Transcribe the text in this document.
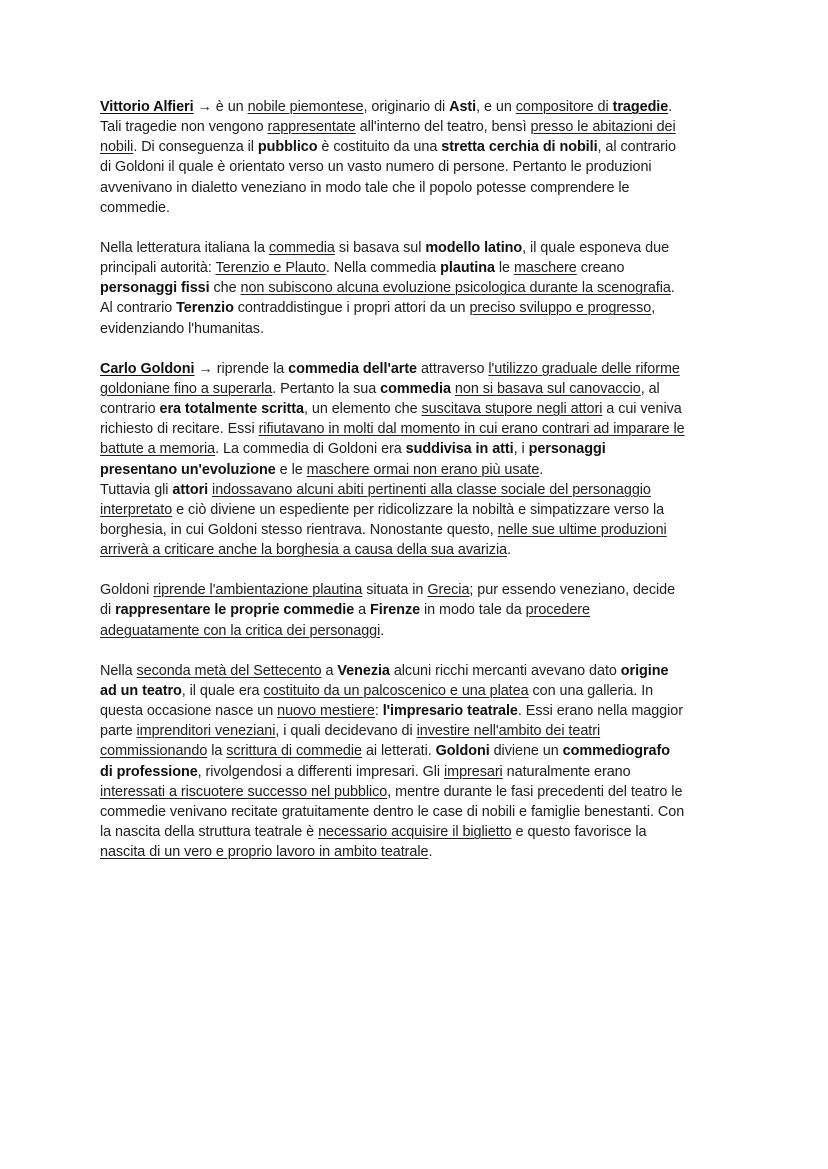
Vittorio Alfieri → è un nobile piemontese, originario di Asti, e un compositore di tragedie.
Tali tragedie non vengono rappresentate all'interno del teatro, bensì presso le abitazioni dei
nobili. Di conseguenza il pubblico è costituito da una stretta cerchia di nobili, al contrario
di Goldoni il quale è orientato verso un vasto numero di persone. Pertanto le produzioni
avvenivano in dialetto veneziano in modo tale che il popolo potesse comprendere le
commedie.

Nella letteratura italiana la commedia si basava sul modello latino, il quale esponeva due
principali autorità: Terenzio e Plauto. Nella commedia plautina le maschere creano
personaggi fissi che non subiscono alcuna evoluzione psicologica durante la scenografia.
Al contrario Terenzio contraddistingue i propri attori da un preciso sviluppo e progresso,
evidenziando l'humanitas.

Carlo Goldoni → riprende la commedia dell'arte attraverso l'utilizzo graduale delle riforme
goldoniane fino a superarla. Pertanto la sua commedia non si basava sul canovaccio, al
contrario era totalmente scritta, un elemento che suscitava stupore negli attori a cui veniva
richiesto di recitare. Essi rifiutavano in molti dal momento in cui erano contrari ad imparare le
battute a memoria. La commedia di Goldoni era suddivisa in atti, i personaggi
presentano un'evoluzione e le maschere ormai non erano più usate.
Tuttavia gli attori indossavano alcuni abiti pertinenti alla classe sociale del personaggio
interpretato e ciò diviene un espediente per ridicolizzare la nobiltà e simpatizzare verso la
borghesia, in cui Goldoni stesso rientrava. Nonostante questo, nelle sue ultime produzioni
arriverà a criticare anche la borghesia a causa della sua avarizia.

Goldoni riprende l'ambientazione plautina situata in Grecia; pur essendo veneziano, decide
di rappresentare le proprie commedie a Firenze in modo tale da procedere
adeguatamente con la critica dei personaggi.

Nella seconda metà del Settecento a Venezia alcuni ricchi mercanti avevano dato origine
ad un teatro, il quale era costituito da un palcoscenico e una platea con una galleria. In
questa occasione nasce un nuovo mestiere: l'impresario teatrale. Essi erano nella maggior
parte imprenditori veneziani, i quali decidevano di investire nell'ambito dei teatri
commissionando la scrittura di commedie ai letterati. Goldoni diviene un commediografo
di professione, rivolgendosi a differenti impresari. Gli impresari naturalmente erano
interessati a riscuotere successo nel pubblico, mentre durante le fasi precedenti del teatro le
commedie venivano recitate gratuitamente dentro le case di nobili e famiglie benestanti. Con
la nascita della struttura teatrale è necessario acquisire il biglietto e questo favorisce la
nascita di un vero e proprio lavoro in ambito teatrale.
